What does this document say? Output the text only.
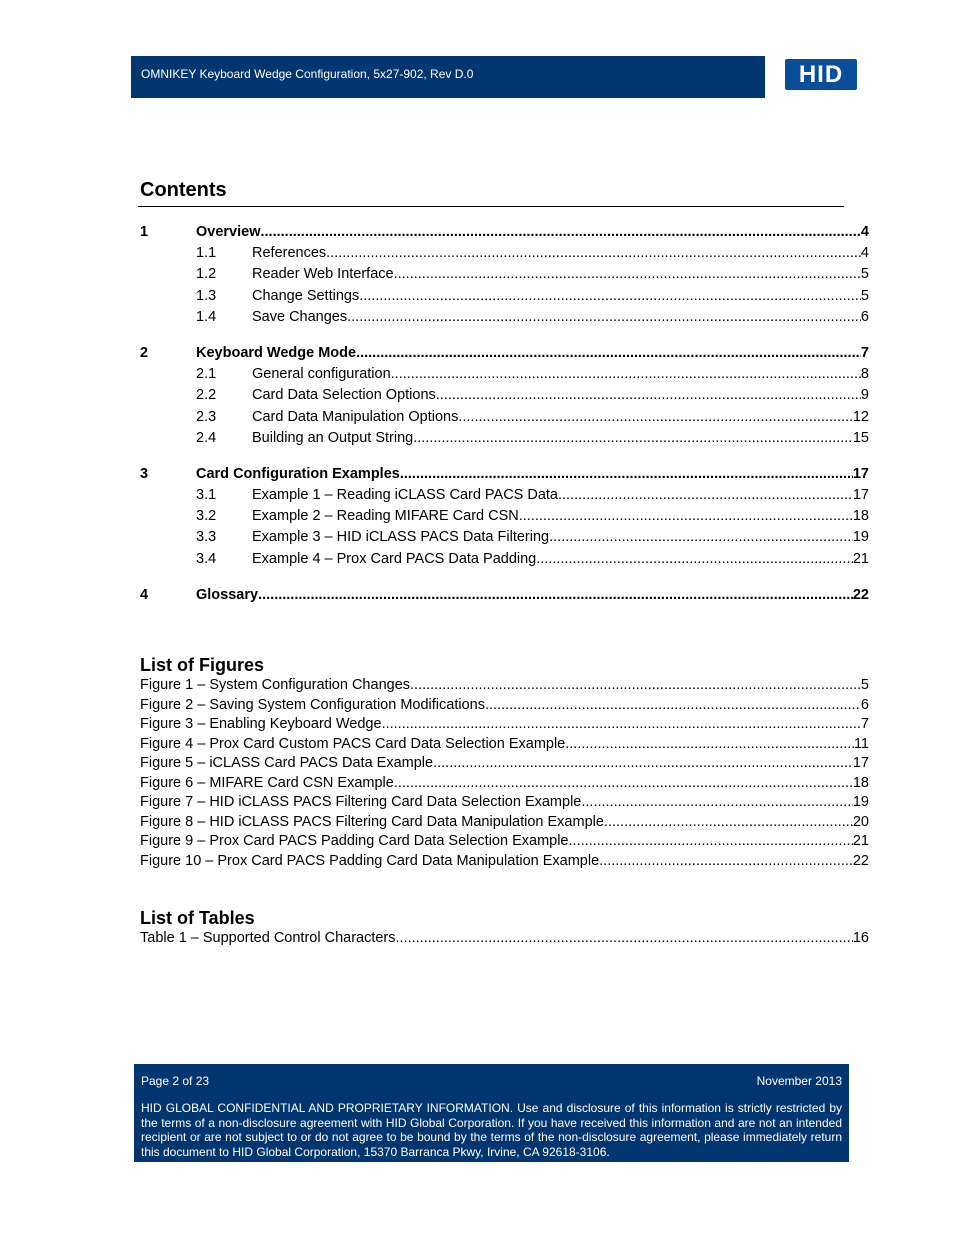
OMNIKEY Keyboard Wedge Configuration, 5x27-902, Rev D.0	HID
Contents
1	Overview .....	4
1.1	References .....	4
1.2	Reader Web Interface .....	5
1.3	Change Settings .....	5
1.4	Save Changes .....	6
2	Keyboard Wedge Mode .....	7
2.1	General configuration .....	8
2.2	Card Data Selection Options .....	9
2.3	Card Data Manipulation Options .....	12
2.4	Building an Output String .....	15
3	Card Configuration Examples .....	17
3.1	Example 1 – Reading iCLASS Card PACS Data .....	17
3.2	Example 2 – Reading MIFARE Card CSN .....	18
3.3	Example 3 – HID iCLASS PACS Data Filtering .....	19
3.4	Example 4 – Prox Card PACS Data Padding .....	21
4	Glossary .....	22
List of Figures
Figure 1 – System Configuration Changes .....	5
Figure 2 – Saving System Configuration Modifications .....	6
Figure 3 – Enabling Keyboard Wedge .....	7
Figure 4 – Prox Card Custom PACS Card Data Selection Example .....	11
Figure 5 – iCLASS Card PACS Data Example .....	17
Figure 6 – MIFARE Card CSN Example .....	18
Figure 7 – HID iCLASS PACS Filtering Card Data Selection Example .....	19
Figure 8 – HID iCLASS PACS Filtering Card Data Manipulation Example .....	20
Figure 9 – Prox Card PACS Padding Card Data Selection Example .....	21
Figure 10 – Prox Card PACS Padding Card Data Manipulation Example .....	22
List of Tables
Table 1 – Supported Control Characters .....	16
Page 2 of 23	November 2013
HID GLOBAL CONFIDENTIAL AND PROPRIETARY INFORMATION. Use and disclosure of this information is strictly restricted by the terms of a non-disclosure agreement with HID Global Corporation. If you have received this information and are not an intended recipient or are not subject to or do not agree to be bound by the terms of the non-disclosure agreement, please immediately return this document to HID Global Corporation, 15370 Barranca Pkwy, Irvine, CA 92618-3106.
